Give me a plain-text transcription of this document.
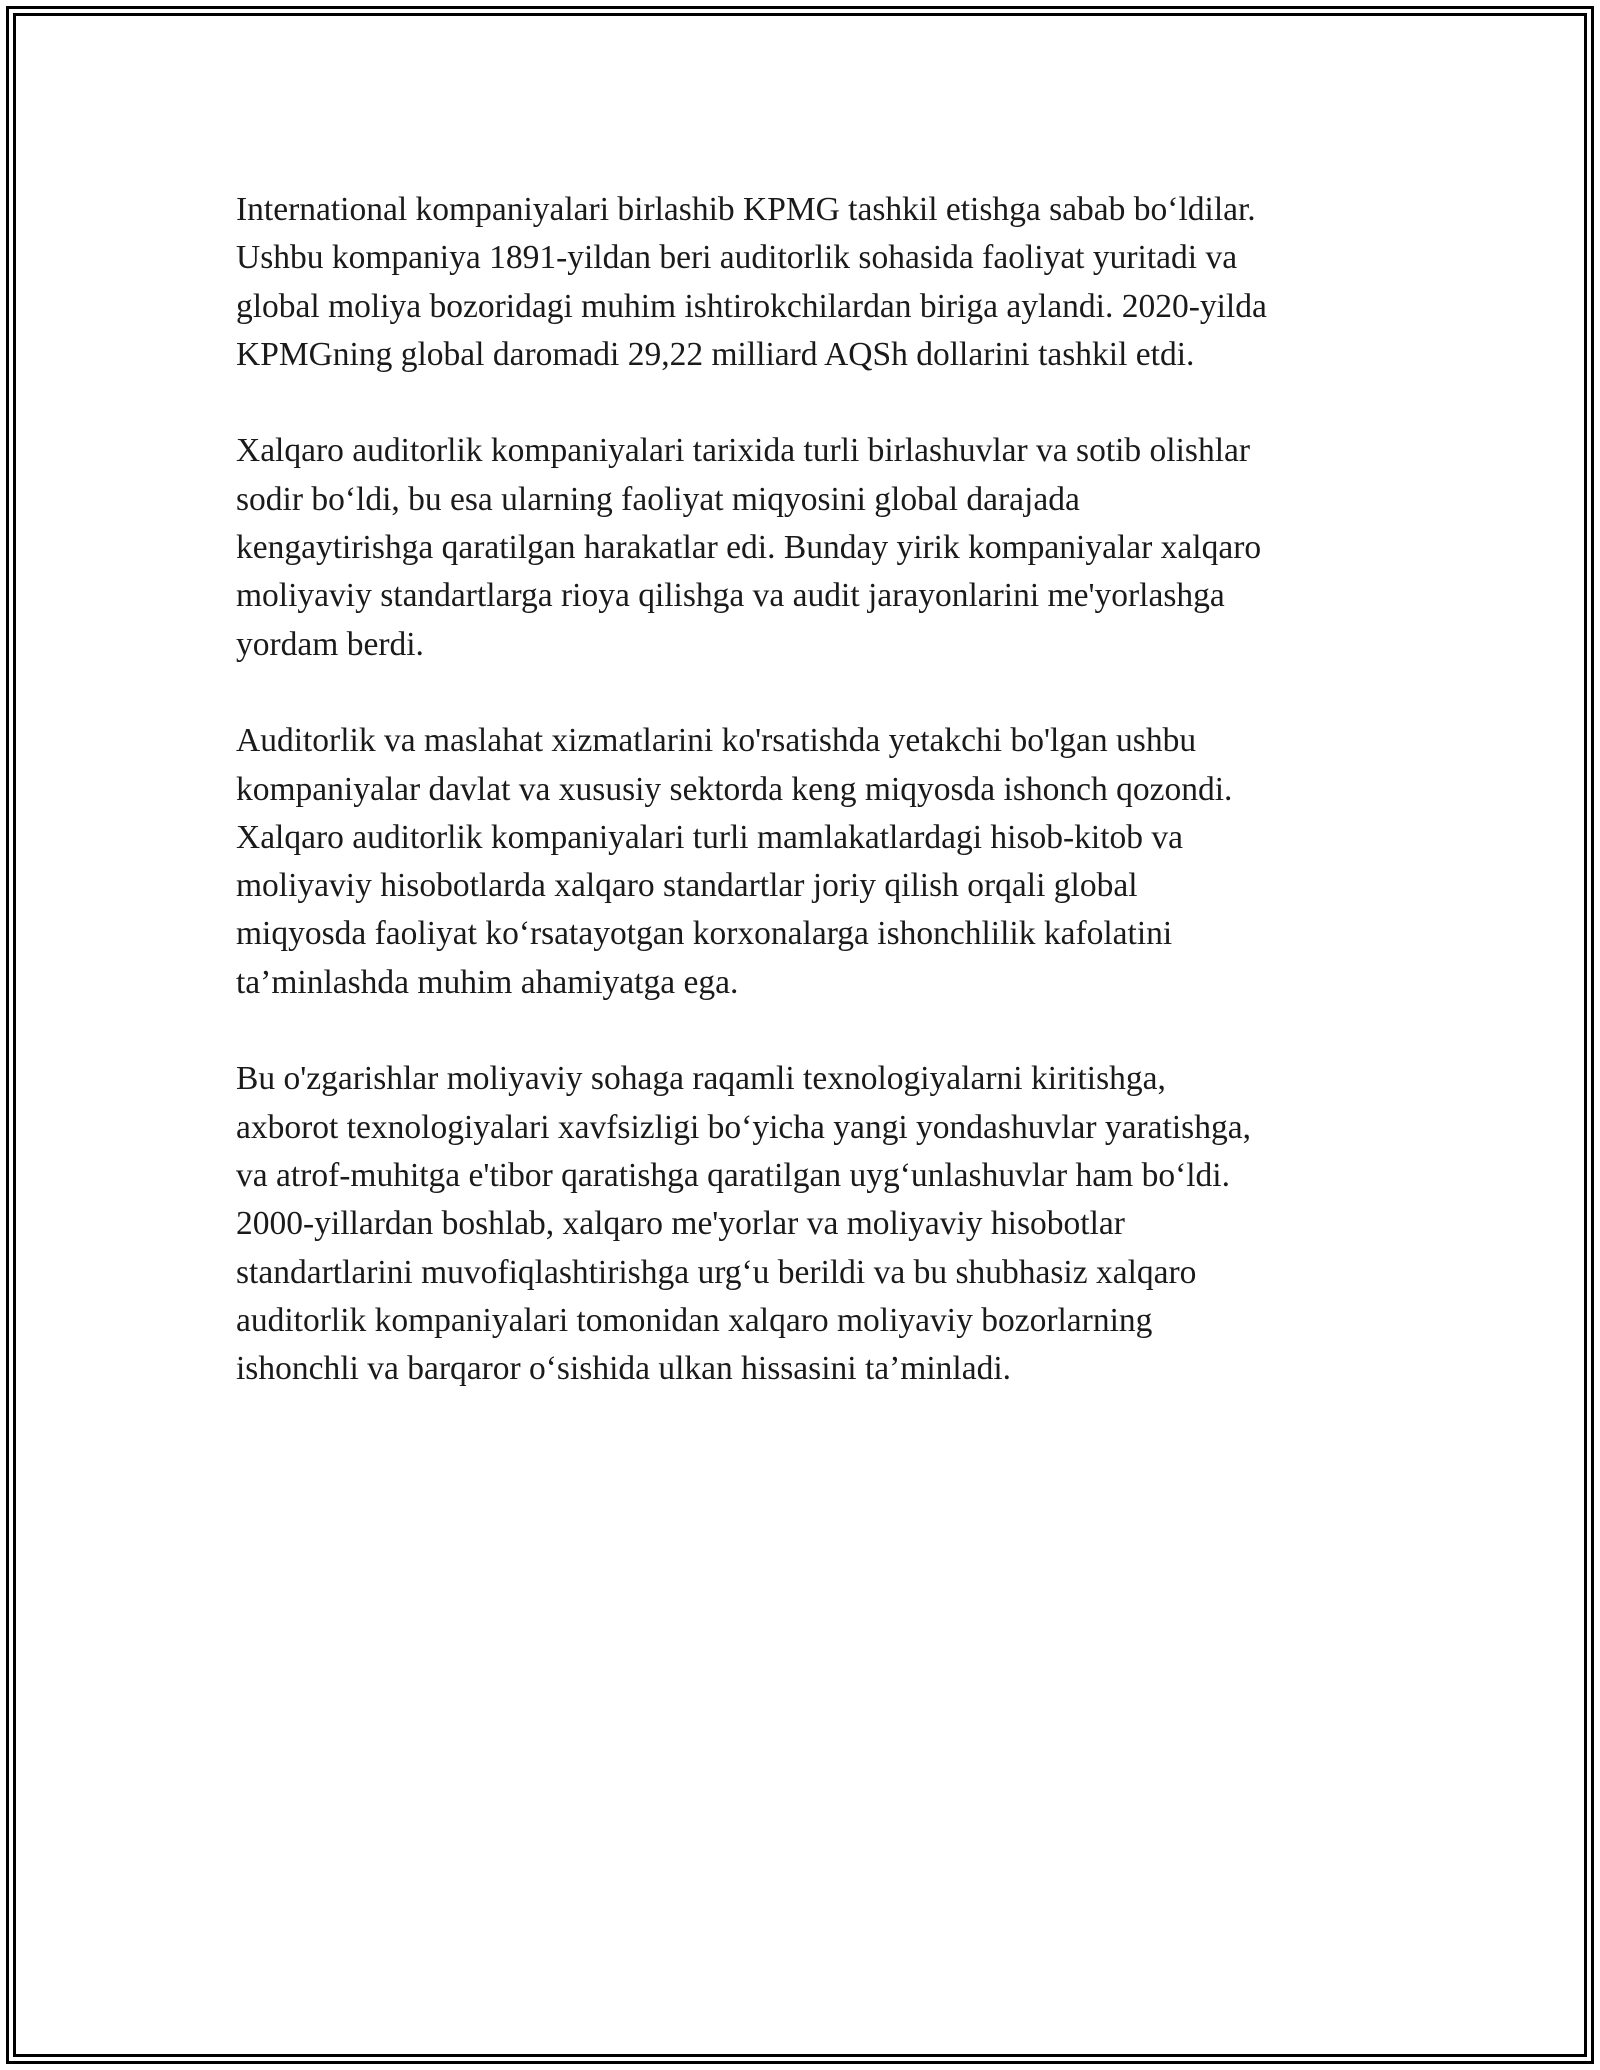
International kompaniyalari birlashib KPMG tashkil etishga sabab bo‘ldilar.
Ushbu kompaniya 1891-yildan beri auditorlik sohasida faoliyat yuritadi va
global moliya bozoridagi muhim ishtirokchilardan biriga aylandi. 2020-yilda
KPMGning global daromadi 29,22 milliard AQSh dollarini tashkil etdi.

Xalqaro auditorlik kompaniyalari tarixida turli birlashuvlar va sotib olishlar
sodir bo‘ldi, bu esa ularning faoliyat miqyosini global darajada
kengaytirishga qaratilgan harakatlar edi. Bunday yirik kompaniyalar xalqaro
moliyaviy standartlarga rioya qilishga va audit jarayonlarini me'yorlashga
yordam berdi.

Auditorlik va maslahat xizmatlarini ko'rsatishda yetakchi bo'lgan ushbu
kompaniyalar davlat va xususiy sektorda keng miqyosda ishonch qozondi.
Xalqaro auditorlik kompaniyalari turli mamlakatlardagi hisob-kitob va
moliyaviy hisobotlarda xalqaro standartlar joriy qilish orqali global
miqyosda faoliyat ko‘rsatayotgan korxonalarga ishonchlilik kafolatini
ta’minlashda muhim ahamiyatga ega.

Bu o'zgarishlar moliyaviy sohaga raqamli texnologiyalarni kiritishga,
axborot texnologiyalari xavfsizligi bo‘yicha yangi yondashuvlar yaratishga,
va atrof-muhitga e'tibor qaratishga qaratilgan uyg‘unlashuvlar ham bo‘ldi.
2000-yillardan boshlab, xalqaro me'yorlar va moliyaviy hisobotlar
standartlarini muvofiqlashtirishga urg‘u berildi va bu shubhasiz xalqaro
auditorlik kompaniyalari tomonidan xalqaro moliyaviy bozorlarning
ishonchli va barqaror o‘sishida ulkan hissasini ta’minladi.
